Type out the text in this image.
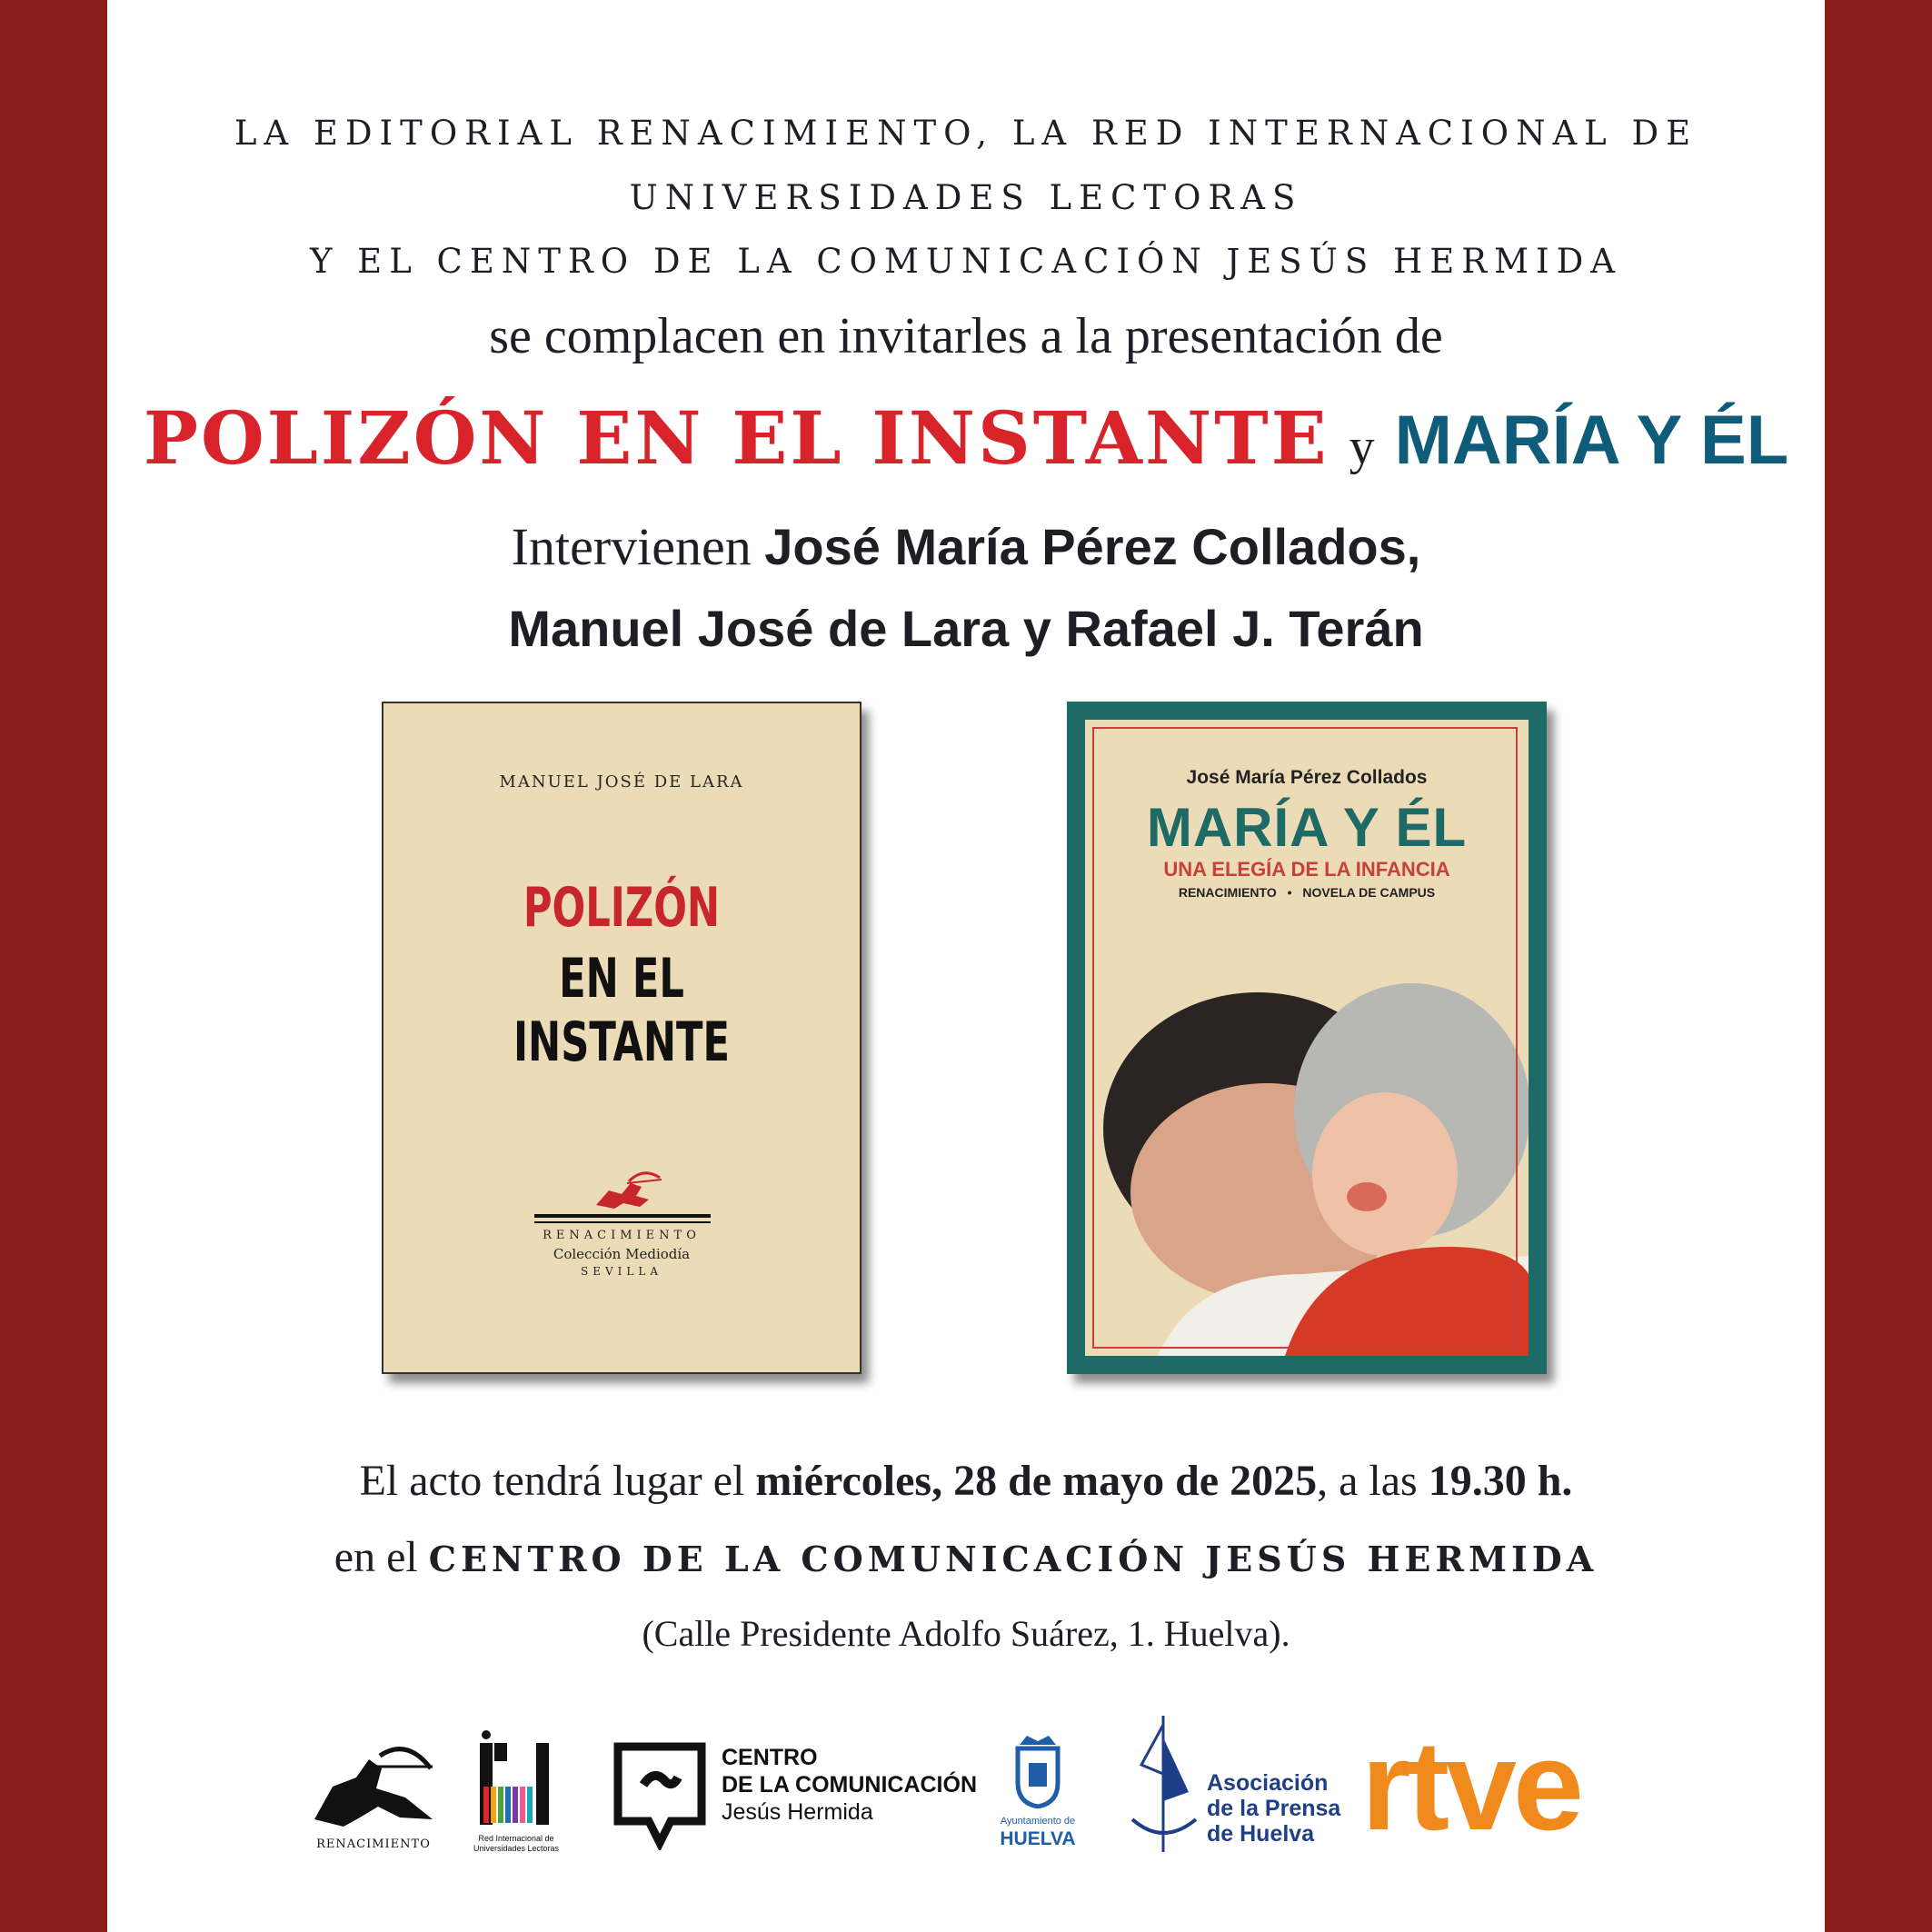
LA EDITORIAL RENACIMIENTO, LA RED INTERNACIONAL DE
UNIVERSIDADES LECTORAS
Y EL CENTRO DE LA COMUNICACIÓN JESÚS HERMIDA
se complacen en invitarles a la presentación de
POLIZÓN EN EL INSTANTE y MARÍA Y ÉL
Intervienen José María Pérez Collados,
Manuel José de Lara y Rafael J. Terán
MANUEL JOSÉ DE LARA
POLIZÓN
EN EL INSTANTE
RENACIMIENTO
Colección Mediodía
SEVILLA
José María Pérez Collados
MARÍA Y ÉL
UNA ELEGÍA DE LA INFANCIA
RENACIMIENTO • NOVELA DE CAMPUS
El acto tendrá lugar el miércoles, 28 de mayo de 2025, a las 19.30 h.
en el CENTRO DE LA COMUNICACIÓN JESÚS HERMIDA
(Calle Presidente Adolfo Suárez, 1. Huelva).
RENACIMIENTO	Red Internacional de
Universidades Lectoras
CENTRO
DE LA COMUNICACIÓN
Jesús Hermida	Ayuntamiento de
HUELVA
Asociación
de la Prensa
de Huelva rtve
